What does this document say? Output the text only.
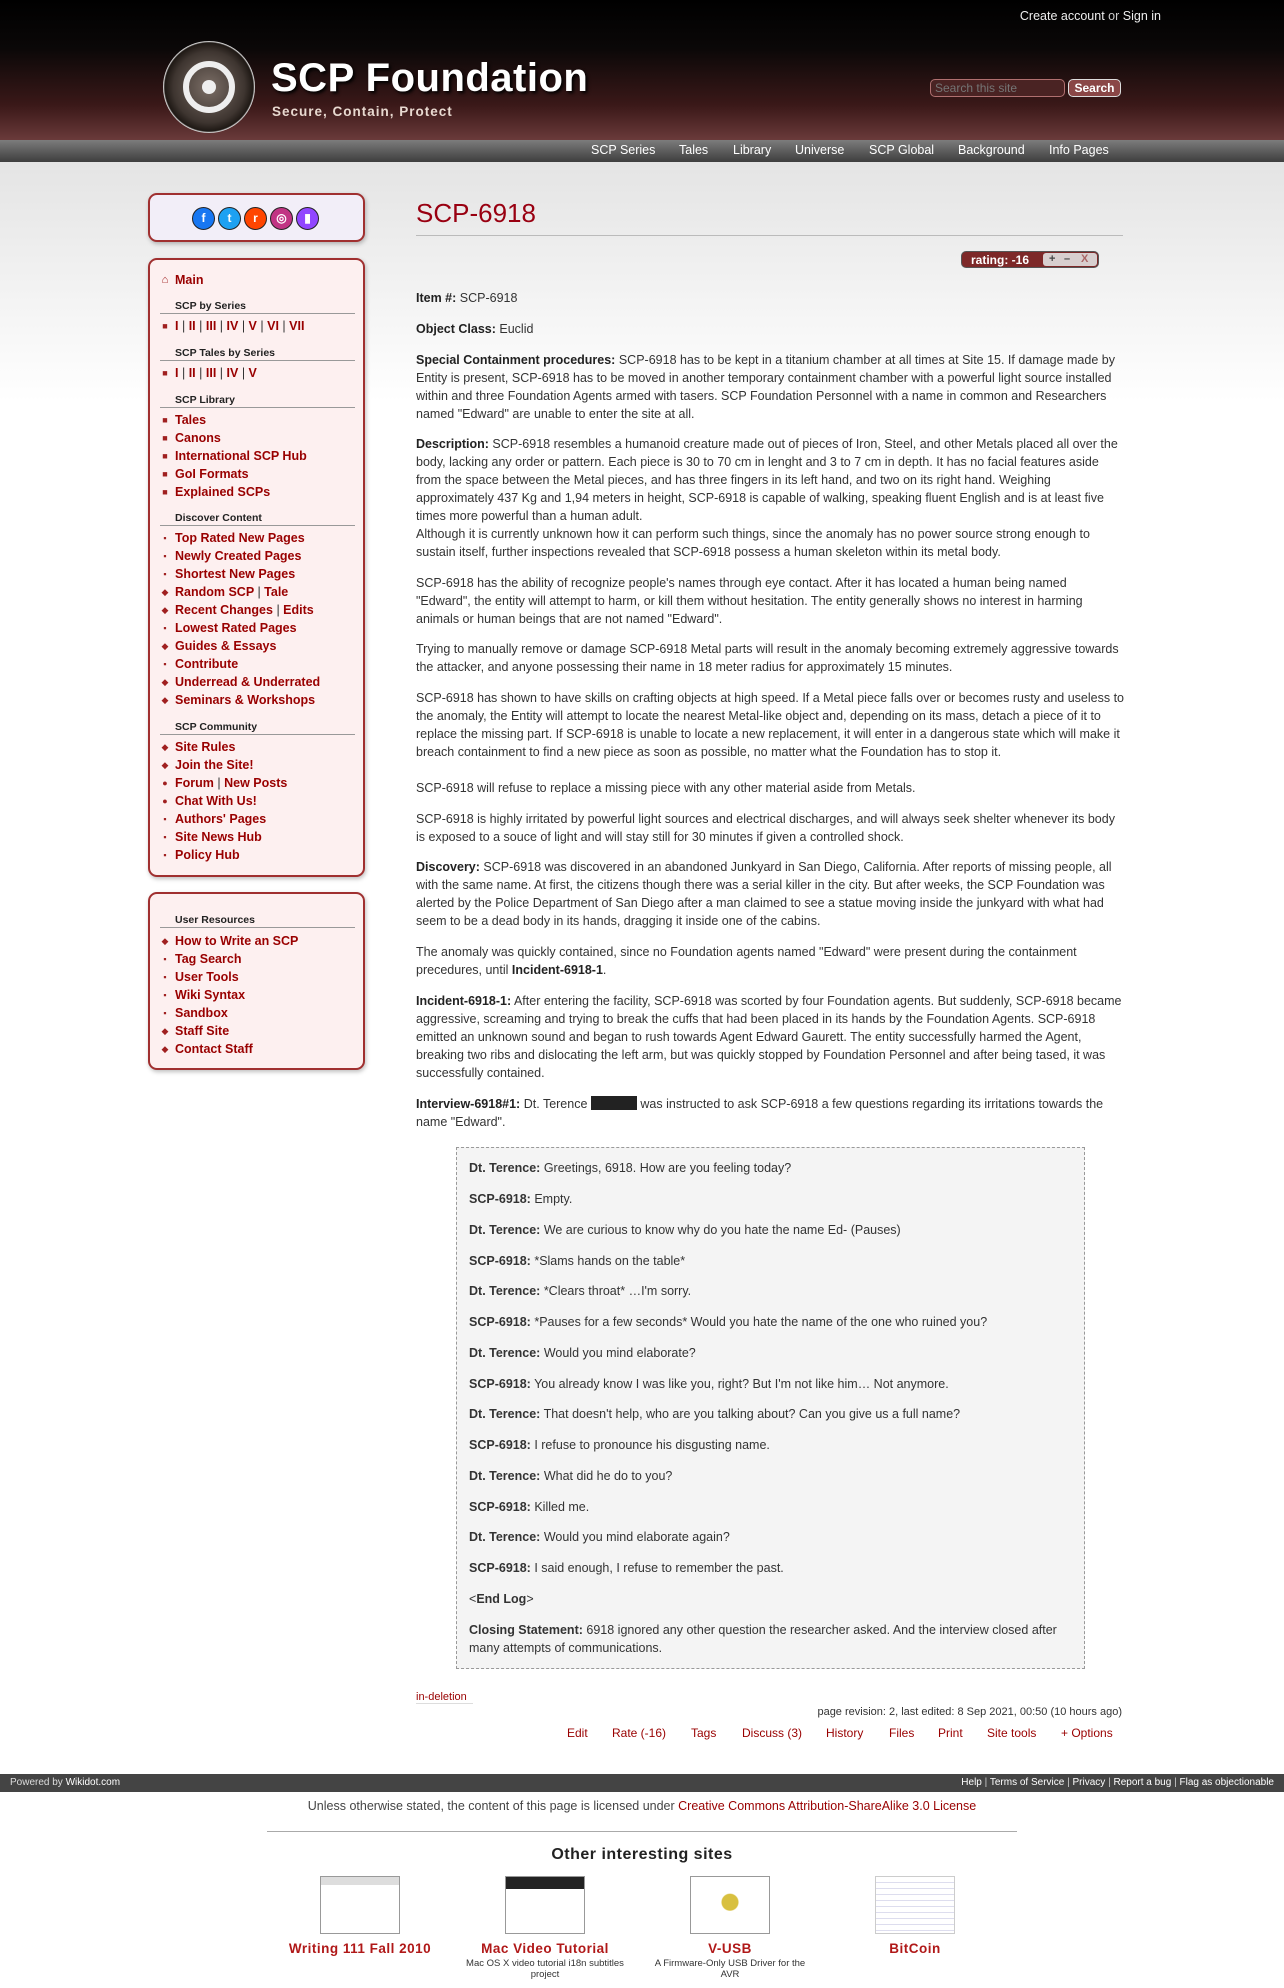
Create account or Sign in
SCP Foundation
Secure, Contain, Protect
Search this site
Search
SCP Series Tales Library Universe SCP Global Background Info Pages
f	t	r	◎	▮
⌂ Main
SCP by Series
■ I | II | III | IV | V | VI | VII
SCP Tales by Series
■ I | II | III | IV | V
SCP Library
■ Tales
■ Canons
■ International SCP Hub
■ GoI Formats
■ Explained SCPs
Discover Content
▪ Top Rated New Pages
▪ Newly Created Pages
▪ Shortest New Pages
◆ Random SCP | Tale
◆ Recent Changes | Edits
▪ Lowest Rated Pages
◆ Guides & Essays
▪ Contribute
◆ Underread & Underrated
◆ Seminars & Workshops
SCP Community
◆ Site Rules
◆ Join the Site!
● Forum | New Posts
● Chat With Us!
▪ Authors' Pages
▪ Site News Hub
▪ Policy Hub
User Resources
◆ How to Write an SCP
▪ Tag Search
▪ User Tools
▪ Wiki Syntax
▪ Sandbox
◆ Staff Site
◆ Contact Staff
SCP-6918
rating: -16 + – X
Item #: SCP-6918
Object Class: Euclid
Special Containment procedures: SCP-6918 has to be kept in a titanium chamber at all times at Site 15. If damage made by Entity is present, SCP-6918 has to be moved in another temporary containment chamber with a powerful light source installed within and three Foundation Agents armed with tasers. SCP Foundation Personnel with a name in common and Researchers named "Edward" are unable to enter the site at all.
Description: SCP-6918 resembles a humanoid creature made out of pieces of Iron, Steel, and other Metals placed all over the body, lacking any order or pattern. Each piece is 30 to 70 cm in lenght and 3 to 7 cm in depth. It has no facial features aside from the space between the Metal pieces, and has three fingers in its left hand, and two on its right hand. Weighing approximately 437 Kg and 1,94 meters in height, SCP-6918 is capable of walking, speaking fluent English and is at least five times more powerful than a human adult.
Although it is currently unknown how it can perform such things, since the anomaly has no power source strong enough to sustain itself, further inspections revealed that SCP-6918 possess a human skeleton within its metal body.
SCP-6918 has the ability of recognize people's names through eye contact. After it has located a human being named "Edward", the entity will attempt to harm, or kill them without hesitation. The entity generally shows no interest in harming animals or human beings that are not named "Edward".
Trying to manually remove or damage SCP-6918 Metal parts will result in the anomaly becoming extremely aggressive towards the attacker, and anyone possessing their name in 18 meter radius for approximately 15 minutes.
SCP-6918 has shown to have skills on crafting objects at high speed. If a Metal piece falls over or becomes rusty and useless to the anomaly, the Entity will attempt to locate the nearest Metal-like object and, depending on its mass, detach a piece of it to replace the missing part. If SCP-6918 is unable to locate a new replacement, it will enter in a dangerous state which will make it breach containment to find a new piece as soon as possible, no matter what the Foundation has to stop it.
SCP-6918 will refuse to replace a missing piece with any other material aside from Metals.
SCP-6918 is highly irritated by powerful light sources and electrical discharges, and will always seek shelter whenever its body is exposed to a souce of light and will stay still for 30 minutes if given a controlled shock.
Discovery: SCP-6918 was discovered in an abandoned Junkyard in San Diego, California. After reports of missing people, all with the same name. At first, the citizens though there was a serial killer in the city. But after weeks, the SCP Foundation was alerted by the Police Department of San Diego after a man claimed to see a statue moving inside the junkyard with what had seem to be a dead body in its hands, dragging it inside one of the cabins.
The anomaly was quickly contained, since no Foundation agents named "Edward" were present during the containment precedures, until Incident-6918-1.
Incident-6918-1: After entering the facility, SCP-6918 was scorted by four Foundation agents. But suddenly, SCP-6918 became aggressive, screaming and trying to break the cuffs that had been placed in its hands by the Foundation Agents. SCP-6918 emitted an unknown sound and began to rush towards Agent Edward Gaurett. The entity successfully harmed the Agent, breaking two ribs and dislocating the left arm, but was quickly stopped by Foundation Personnel and after being tased, it was successfully contained.
Interview-6918#1: Dt. Terence	was instructed to ask SCP-6918 a few questions regarding its irritations towards the name "Edward".
Dt. Terence: Greetings, 6918. How are you feeling today?
SCP-6918: Empty.
Dt. Terence: We are curious to know why do you hate the name Ed- (Pauses)
SCP-6918: *Slams hands on the table*
Dt. Terence: *Clears throat* …I'm sorry.
SCP-6918: *Pauses for a few seconds* Would you hate the name of the one who ruined you?
Dt. Terence: Would you mind elaborate?
SCP-6918: You already know I was like you, right? But I'm not like him… Not anymore.
Dt. Terence: That doesn't help, who are you talking about? Can you give us a full name?
SCP-6918: I refuse to pronounce his disgusting name.
Dt. Terence: What did he do to you?
SCP-6918: Killed me.
Dt. Terence: Would you mind elaborate again?
SCP-6918: I said enough, I refuse to remember the past.
<End Log>
Closing Statement: 6918 ignored any other question the researcher asked. And the interview closed after many attempts of communications.
in-deletion
page revision: 2, last edited: 8 Sep 2021, 00:50 (10 hours ago)
Edit Rate (-16) Tags Discuss (3) History Files Print Site tools + Options
Powered by Wikidot.com	Help | Terms of Service | Privacy | Report a bug | Flag as objectionable
Unless otherwise stated, the content of this page is licensed under Creative Commons Attribution-ShareAlike 3.0 License
Other interesting sites
Writing 111 Fall 2010	Mac Video Tutorial
Mac OS X video tutorial i18n subtitles project
V-USB
A Firmware-Only USB Driver for the AVR
BitCoin
